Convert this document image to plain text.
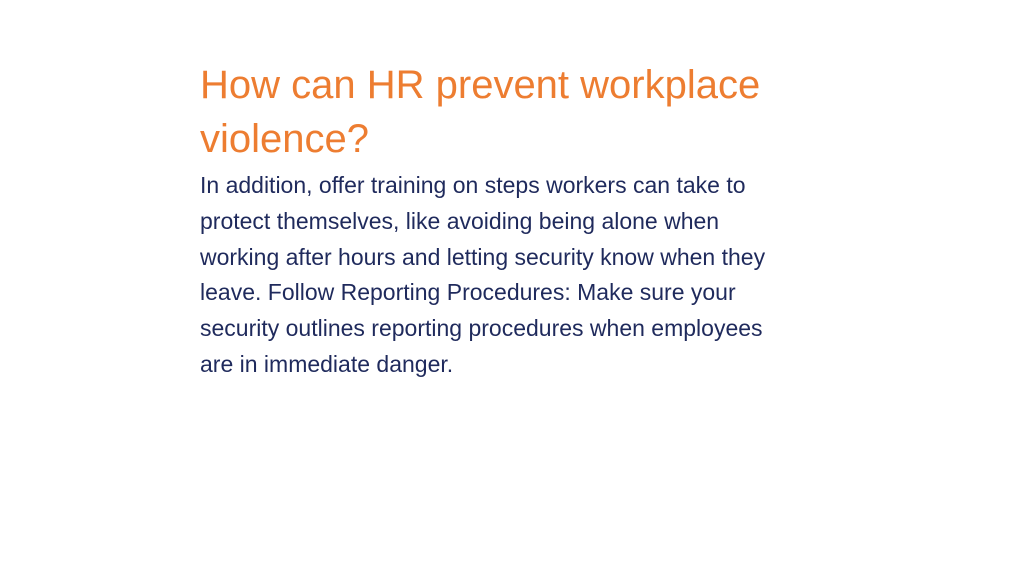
How can HR prevent workplace violence?

In addition, offer training on steps workers can take to protect themselves, like avoiding being alone when working after hours and letting security know when they leave. Follow Reporting Procedures: Make sure your security outlines reporting procedures when employees are in immediate danger.
